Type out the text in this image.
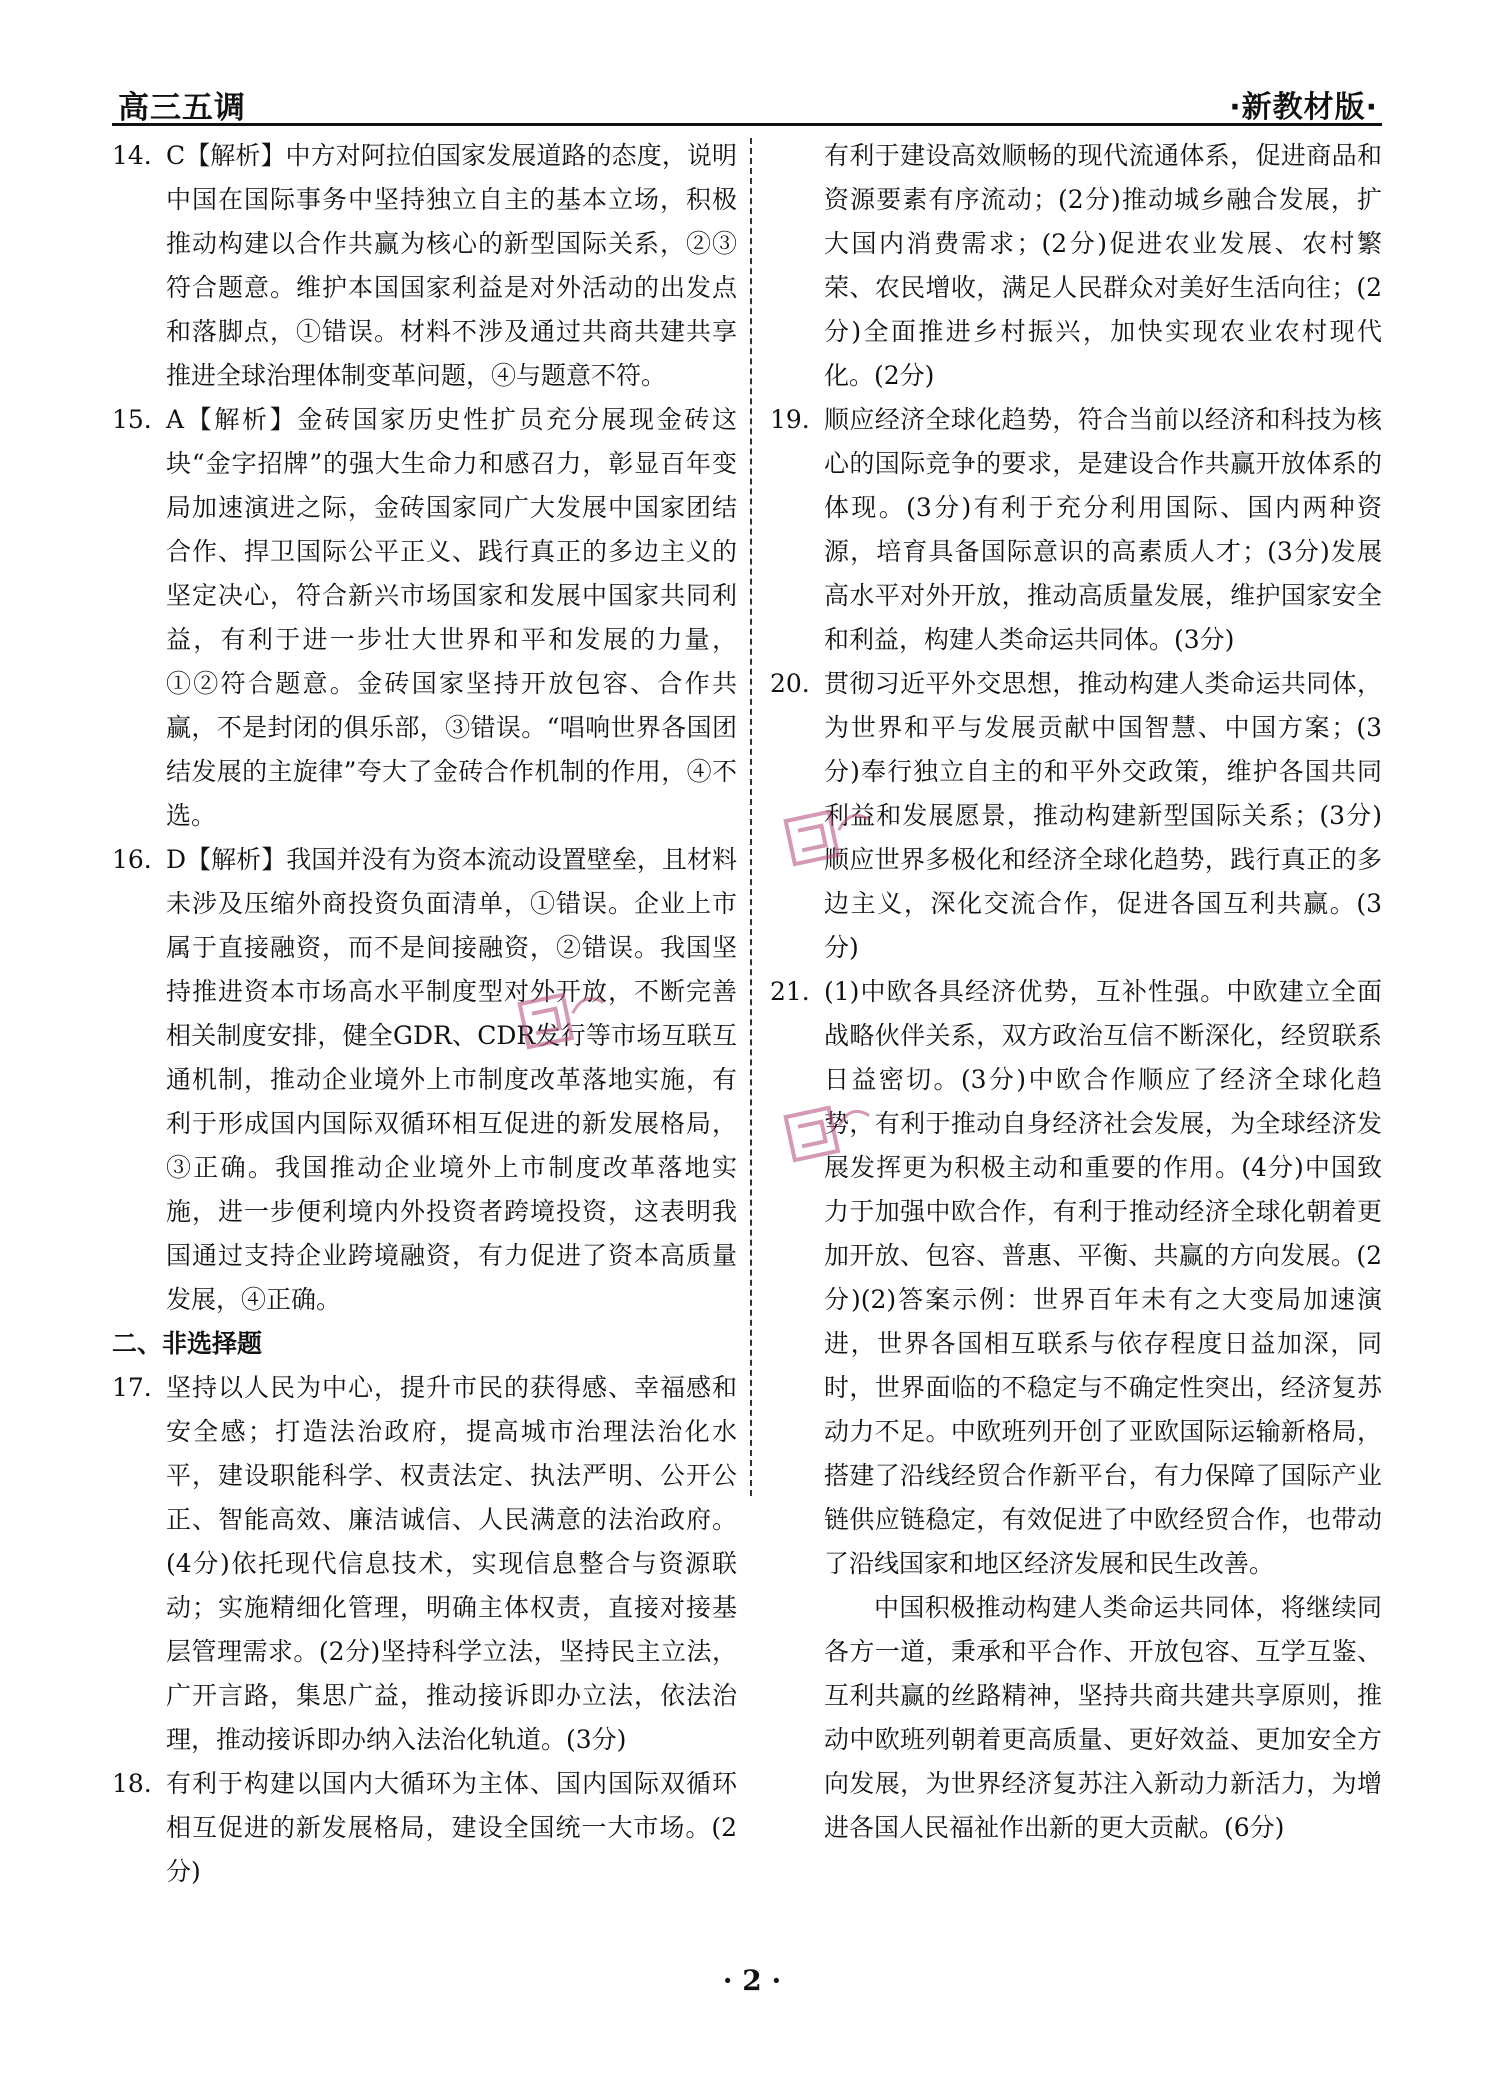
高三五调	·新教材版·

14. C【解析】中方对阿拉伯国家发展道路的态度，说明中国在国际事务中坚持独立自主的基本立场，积极推动构建以合作共赢为核心的新型国际关系，②③符合题意。维护本国国家利益是对外活动的出发点和落脚点，①错误。材料不涉及通过共商共建共享推进全球治理体制变革问题，④与题意不符。

15. A【解析】金砖国家历史性扩员充分展现金砖这块“金字招牌”的强大生命力和感召力，彰显百年变局加速演进之际，金砖国家同广大发展中国家团结合作、捍卫国际公平正义、践行真正的多边主义的坚定决心，符合新兴市场国家和发展中国家共同利益，有利于进一步壮大世界和平和发展的力量，①②符合题意。金砖国家坚持开放包容、合作共赢，不是封闭的俱乐部，③错误。“唱响世界各国团结发展的主旋律”夸大了金砖合作机制的作用，④不选。

16. D【解析】我国并没有为资本流动设置壁垒，且材料未涉及压缩外商投资负面清单，①错误。企业上市属于直接融资，而不是间接融资，②错误。我国坚持推进资本市场高水平制度型对外开放，不断完善相关制度安排，健全GDR、CDR发行等市场互联互通机制，推动企业境外上市制度改革落地实施，有利于形成国内国际双循环相互促进的新发展格局，③正确。我国推动企业境外上市制度改革落地实施，进一步便利境内外投资者跨境投资，这表明我国通过支持企业跨境融资，有力促进了资本高质量发展，④正确。

二、非选择题

17. 坚持以人民为中心，提升市民的获得感、幸福感和安全感；打造法治政府，提高城市治理法治化水平，建设职能科学、权责法定、执法严明、公开公正、智能高效、廉洁诚信、人民满意的法治政府。(4分)依托现代信息技术，实现信息整合与资源联动；实施精细化管理，明确主体权责，直接对接基层管理需求。(2分)坚持科学立法，坚持民主立法，广开言路，集思广益，推动接诉即办立法，依法治理，推动接诉即办纳入法治化轨道。(3分)

18. 有利于构建以国内大循环为主体、国内国际双循环相互促进的新发展格局，建设全国统一大市场。(2分)

有利于建设高效顺畅的现代流通体系，促进商品和资源要素有序流动；(2分)推动城乡融合发展，扩大国内消费需求；(2分)促进农业发展、农村繁荣、农民增收，满足人民群众对美好生活向往；(2分)全面推进乡村振兴，加快实现农业农村现代化。(2分)

19. 顺应经济全球化趋势，符合当前以经济和科技为核心的国际竞争的要求，是建设合作共赢开放体系的体现。(3分)有利于充分利用国际、国内两种资源，培育具备国际意识的高素质人才；(3分)发展高水平对外开放，推动高质量发展，维护国家安全和利益，构建人类命运共同体。(3分)

20. 贯彻习近平外交思想，推动构建人类命运共同体，为世界和平与发展贡献中国智慧、中国方案；(3分)奉行独立自主的和平外交政策，维护各国共同利益和发展愿景，推动构建新型国际关系；(3分)顺应世界多极化和经济全球化趋势，践行真正的多边主义，深化交流合作，促进各国互利共赢。(3分)

21. (1)中欧各具经济优势，互补性强。中欧建立全面战略伙伴关系，双方政治互信不断深化，经贸联系日益密切。(3分)中欧合作顺应了经济全球化趋势，有利于推动自身经济社会发展，为全球经济发展发挥更为积极主动和重要的作用。(4分)中国致力于加强中欧合作，有利于推动经济全球化朝着更加开放、包容、普惠、平衡、共赢的方向发展。(2分)(2)答案示例：世界百年未有之大变局加速演进，世界各国相互联系与依存程度日益加深，同时，世界面临的不稳定与不确定性突出，经济复苏动力不足。中欧班列开创了亚欧国际运输新格局，搭建了沿线经贸合作新平台，有力保障了国际产业链供应链稳定，有效促进了中欧经贸合作，也带动了沿线国家和地区经济发展和民生改善。

中国积极推动构建人类命运共同体，将继续同各方一道，秉承和平合作、开放包容、互学互鉴、互利共赢的丝路精神，坚持共商共建共享原则，推动中欧班列朝着更高质量、更好效益、更加安全方向发展，为世界经济复苏注入新动力新活力，为增进各国人民福祉作出新的更大贡献。(6分)

· 2 ·
